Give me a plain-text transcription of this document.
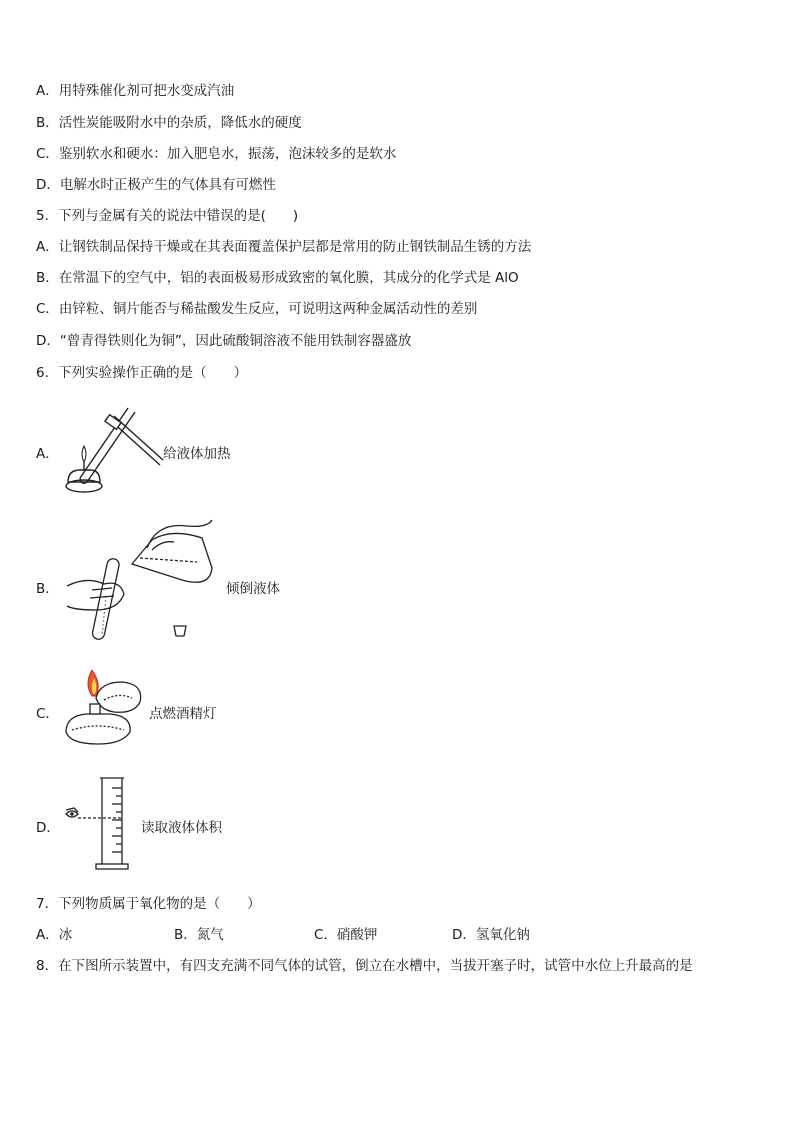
A．用特殊催化剂可把水变成汽油
B．活性炭能吸附水中的杂质，降低水的硬度
C．鉴别软水和硬水：加入肥皂水，振荡，泡沫较多的是软水
D．电解水时正极产生的气体具有可燃性
5．下列与金属有关的说法中错误的是(　　)
A．让钢铁制品保持干燥或在其表面覆盖保护层都是常用的防止钢铁制品生锈的方法
B．在常温下的空气中，铝的表面极易形成致密的氧化膜，其成分的化学式是 AlO
C．由锌粒、铜片能否与稀盐酸发生反应，可说明这两种金属活动性的差别
D．“曾青得铁则化为铜”，因此硫酸铜溶液不能用铁制容器盛放
6．下列实验操作正确的是（　　）
A．	给液体加热
B．	倾倒液体
C．	点燃酒精灯
D．	读取液体体积
7．下列物质属于氧化物的是（　　）
A．冰	B．氮气	C．硝酸钾	D．氢氧化钠
8．在下图所示装置中，有四支充满不同气体的试管，倒立在水槽中，当拔开塞子时，试管中水位上升最高的是
